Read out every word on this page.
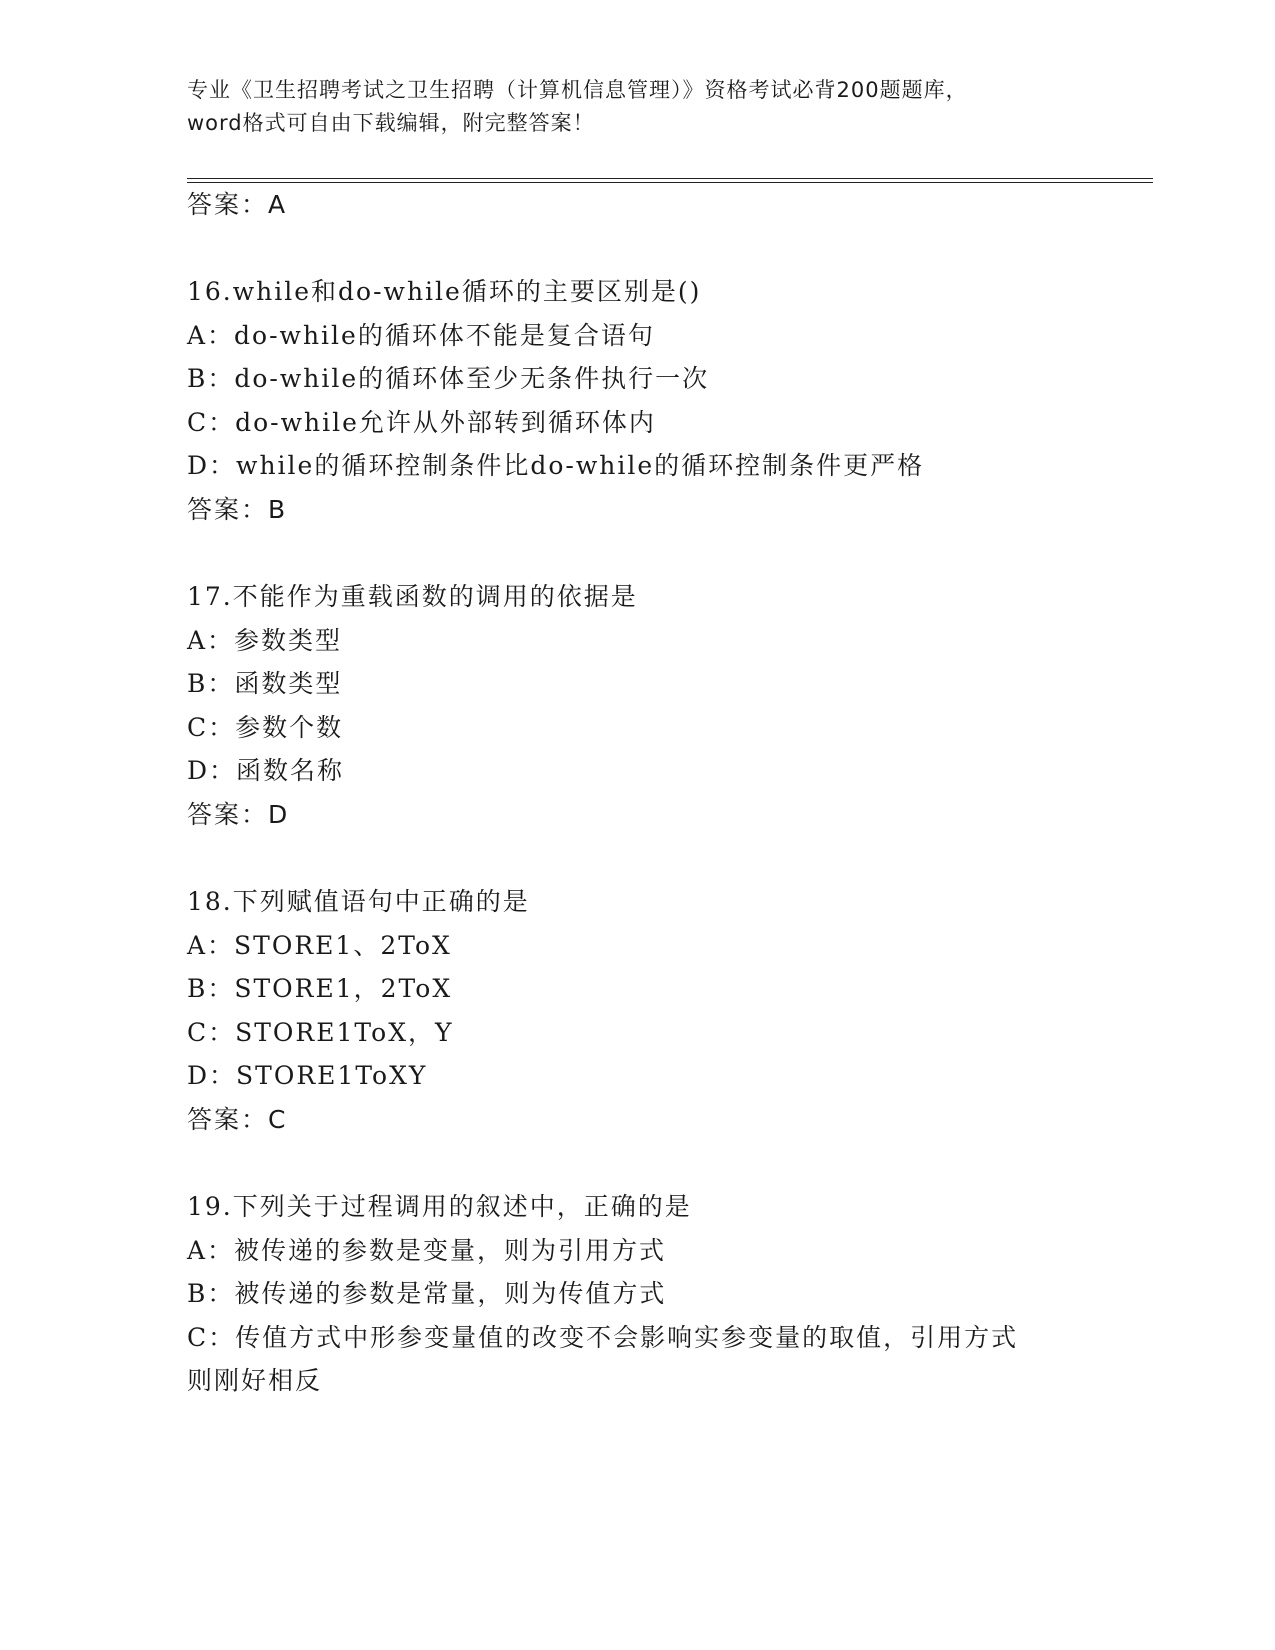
专业《卫生招聘考试之卫生招聘（计算机信息管理）》资格考试必背200题题库，
word格式可自由下载编辑，附完整答案！
答案：A
16.while和do-while循环的主要区别是()
A：do-while的循环体不能是复合语句
B：do-while的循环体至少无条件执行一次
C：do-while允许从外部转到循环体内
D：while的循环控制条件比do-while的循环控制条件更严格
答案：B
17.不能作为重载函数的调用的依据是
A：参数类型
B：函数类型
C：参数个数
D：函数名称
答案：D
18.下列赋值语句中正确的是
A：STORE1、2ToX
B：STORE1，2ToX
C：STORE1ToX，Y
D：STORE1ToXY
答案：C
19.下列关于过程调用的叙述中，正确的是
A：被传递的参数是变量，则为引用方式
B：被传递的参数是常量，则为传值方式
C：传值方式中形参变量值的改变不会影响实参变量的取值，引用方式
则刚好相反
